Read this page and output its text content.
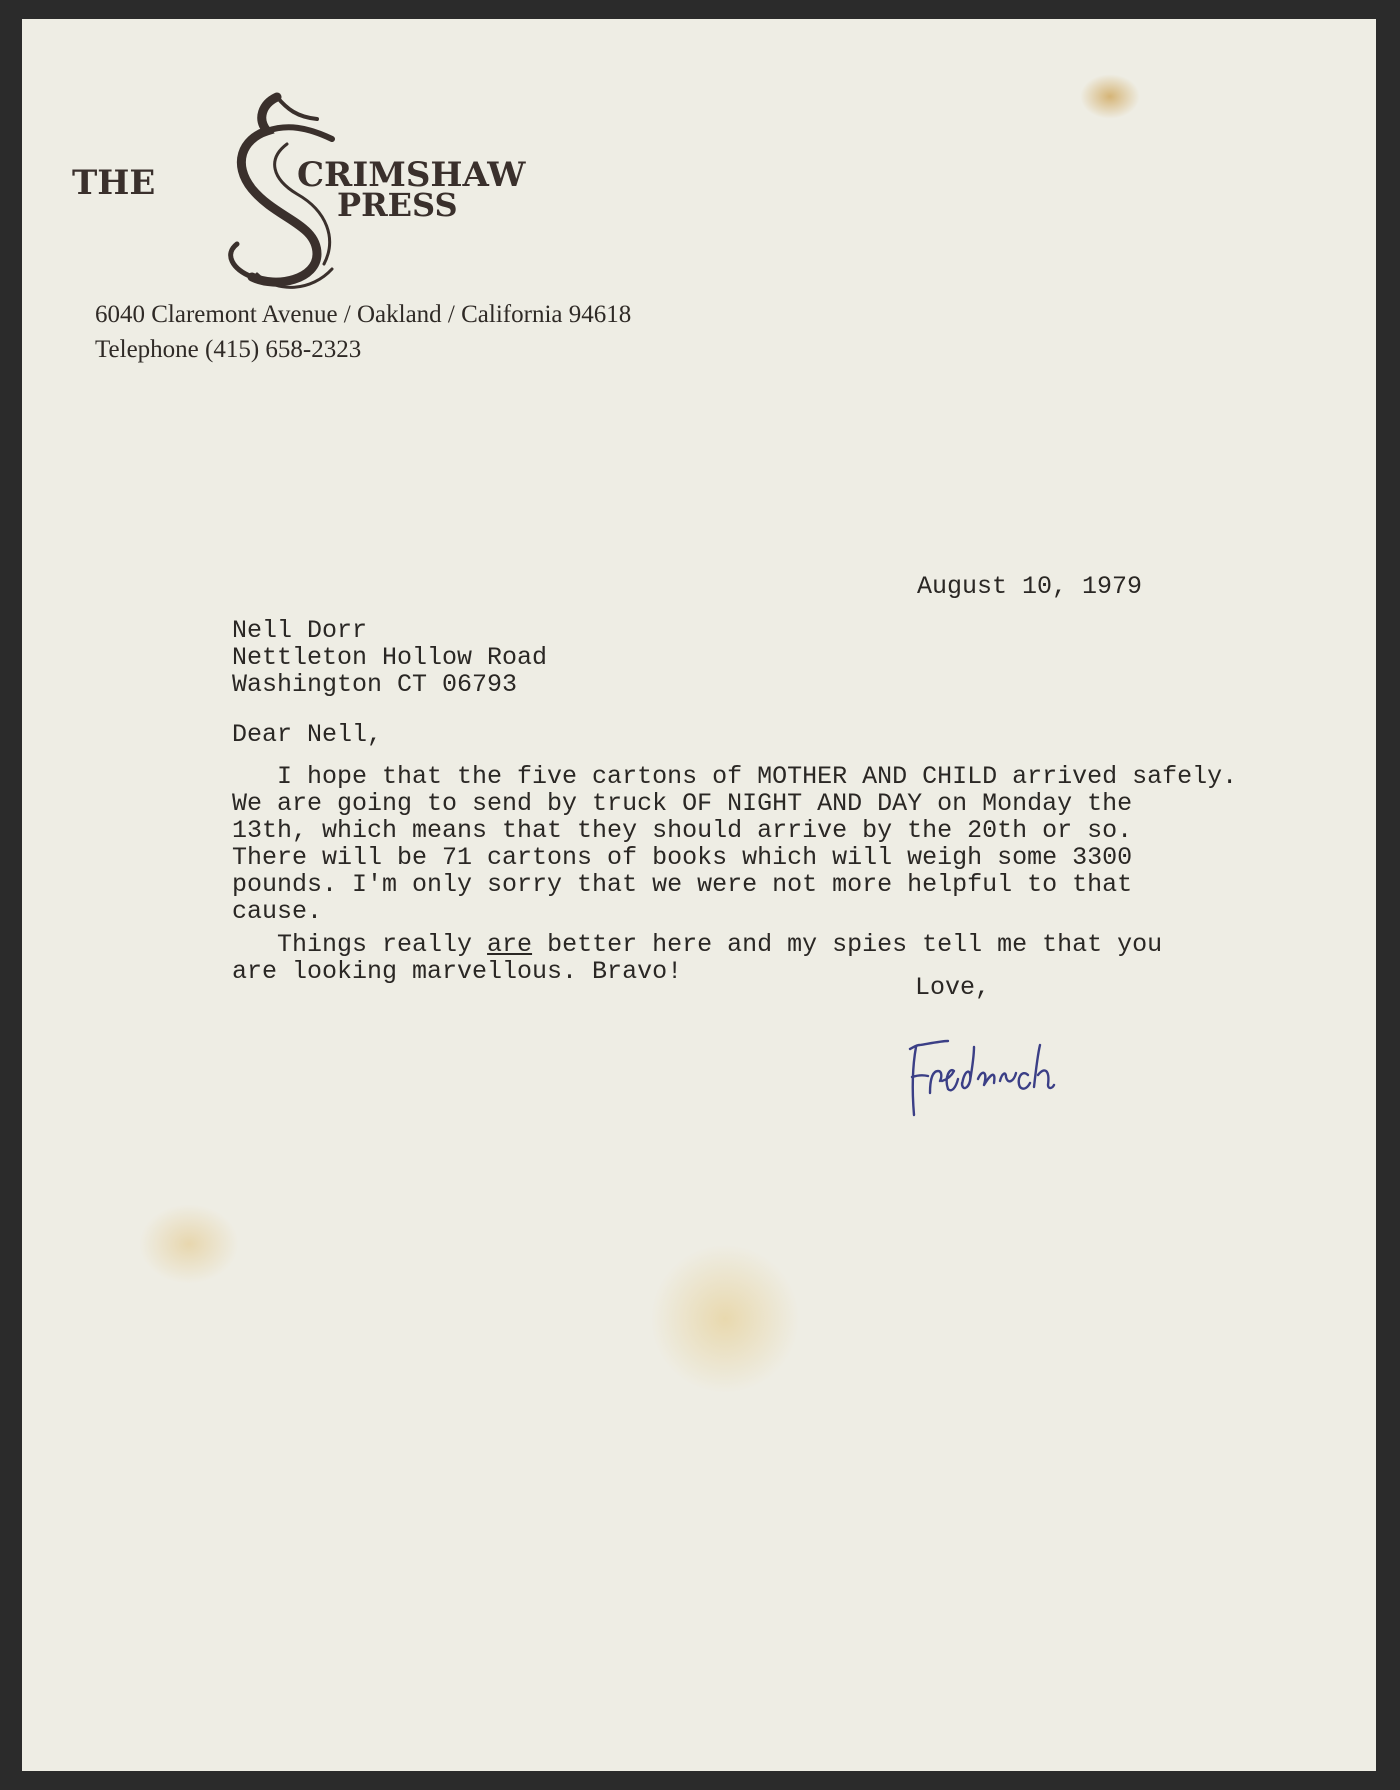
THE	CRIMSHAW
PRESS
6040 Claremont Avenue / Oakland / California 94618
Telephone (415) 658-2323
August 10, 1979
Nell Dorr
Nettleton Hollow Road
Washington CT 06793
Dear Nell,
I hope that the five cartons of MOTHER AND CHILD arrived safely.
We are going to send by truck OF NIGHT AND DAY on Monday the
13th, which means that they should arrive by the 20th or so.
There will be 71 cartons of books which will weigh some 3300
pounds. I'm only sorry that we were not more helpful to that
cause.
Things really are better here and my spies tell me that you
are looking marvellous. Bravo!
Love,
